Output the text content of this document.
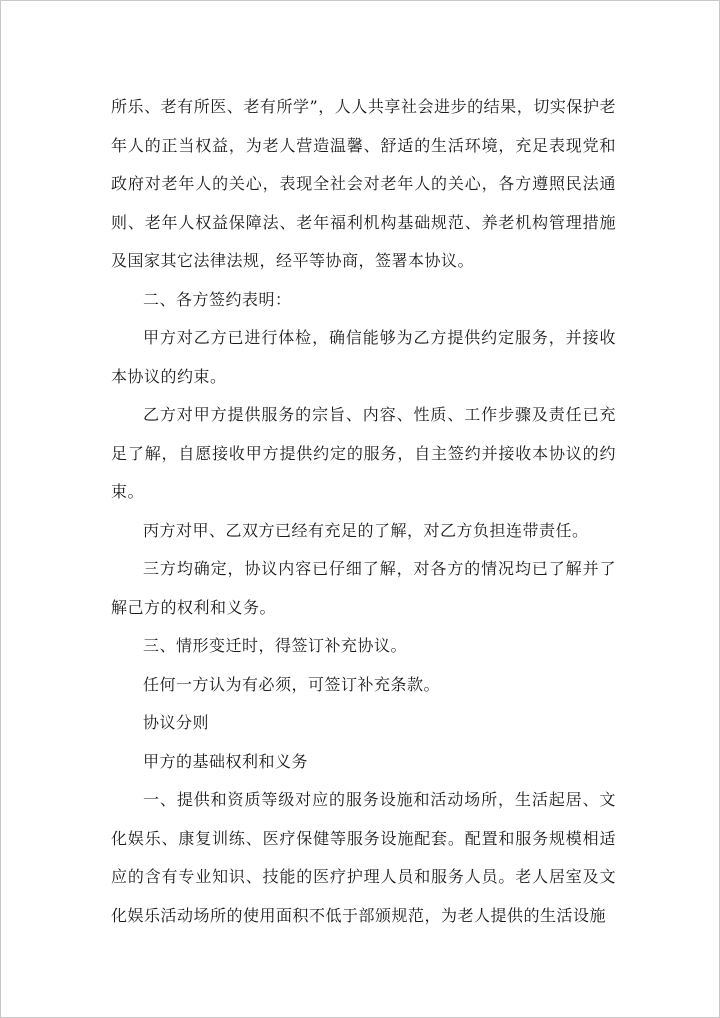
所乐、老有所医、老有所学”，人人共享社会进步的结果，切实保护老年人的正当权益，为老人营造温馨、舒适的生活环境，充足表现党和政府对老年人的关心，表现全社会对老年人的关心，各方遵照民法通则、老年人权益保障法、老年福利机构基础规范、养老机构管理措施及国家其它法律法规，经平等协商，签署本协议。

二、各方签约表明：

甲方对乙方已进行体检，确信能够为乙方提供约定服务，并接收本协议的约束。

乙方对甲方提供服务的宗旨、内容、性质、工作步骤及责任已充足了解，自愿接收甲方提供约定的服务，自主签约并接收本协议的约束。

丙方对甲、乙双方已经有充足的了解，对乙方负担连带责任。

三方均确定，协议内容已仔细了解，对各方的情况均已了解并了解己方的权利和义务。

三、情形变迁时，得签订补充协议。

任何一方认为有必须，可签订补充条款。

协议分则

甲方的基础权利和义务

一、提供和资质等级对应的服务设施和活动场所，生活起居、文化娱乐、康复训练、医疗保健等服务设施配套。配置和服务规模相适应的含有专业知识、技能的医疗护理人员和服务人员。老人居室及文化娱乐活动场所的使用面积不低于部颁规范，为老人提供的生活设施
